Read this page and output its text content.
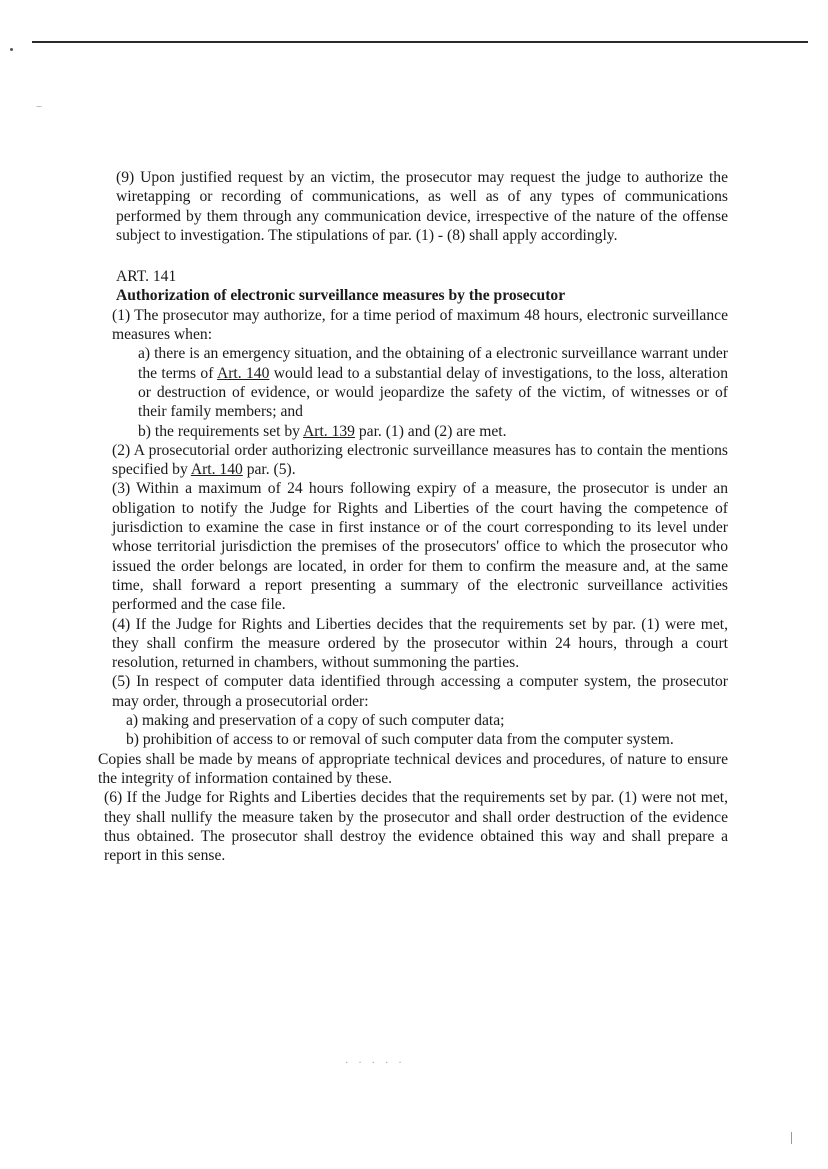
(9) Upon justified request by an victim, the prosecutor may request the judge to authorize the wiretapping or recording of communications, as well as of any types of communications performed by them through any communication device, irrespective of the nature of the offense subject to investigation. The stipulations of par. (1) - (8) shall apply accordingly.

ART. 141

Authorization of electronic surveillance measures by the prosecutor

(1) The prosecutor may authorize, for a time period of maximum 48 hours, electronic surveillance measures when:

a) there is an emergency situation, and the obtaining of a electronic surveillance warrant under the terms of Art. 140 would lead to a substantial delay of investigations, to the loss, alteration or destruction of evidence, or would jeopardize the safety of the victim, of witnesses or of their family members; and

b) the requirements set by Art. 139 par. (1) and (2) are met.

(2) A prosecutorial order authorizing electronic surveillance measures has to contain the mentions specified by Art. 140 par. (5).

(3) Within a maximum of 24 hours following expiry of a measure, the prosecutor is under an obligation to notify the Judge for Rights and Liberties of the court having the competence of jurisdiction to examine the case in first instance or of the court corresponding to its level under whose territorial jurisdiction the premises of the prosecutors' office to which the prosecutor who issued the order belongs are located, in order for them to confirm the measure and, at the same time, shall forward a report presenting a summary of the electronic surveillance activities performed and the case file.

(4) If the Judge for Rights and Liberties decides that the requirements set by par. (1) were met, they shall confirm the measure ordered by the prosecutor within 24 hours, through a court resolution, returned in chambers, without summoning the parties.

(5) In respect of computer data identified through accessing a computer system, the prosecutor may order, through a prosecutorial order:

a) making and preservation of a copy of such computer data;

b) prohibition of access to or removal of such computer data from the computer system.

Copies shall be made by means of appropriate technical devices and procedures, of nature to ensure the integrity of information contained by these.

(6) If the Judge for Rights and Liberties decides that the requirements set by par. (1) were not met, they shall nullify the measure taken by the prosecutor and shall order destruction of the evidence thus obtained. The prosecutor shall destroy the evidence obtained this way and shall prepare a report in this sense.

·····
